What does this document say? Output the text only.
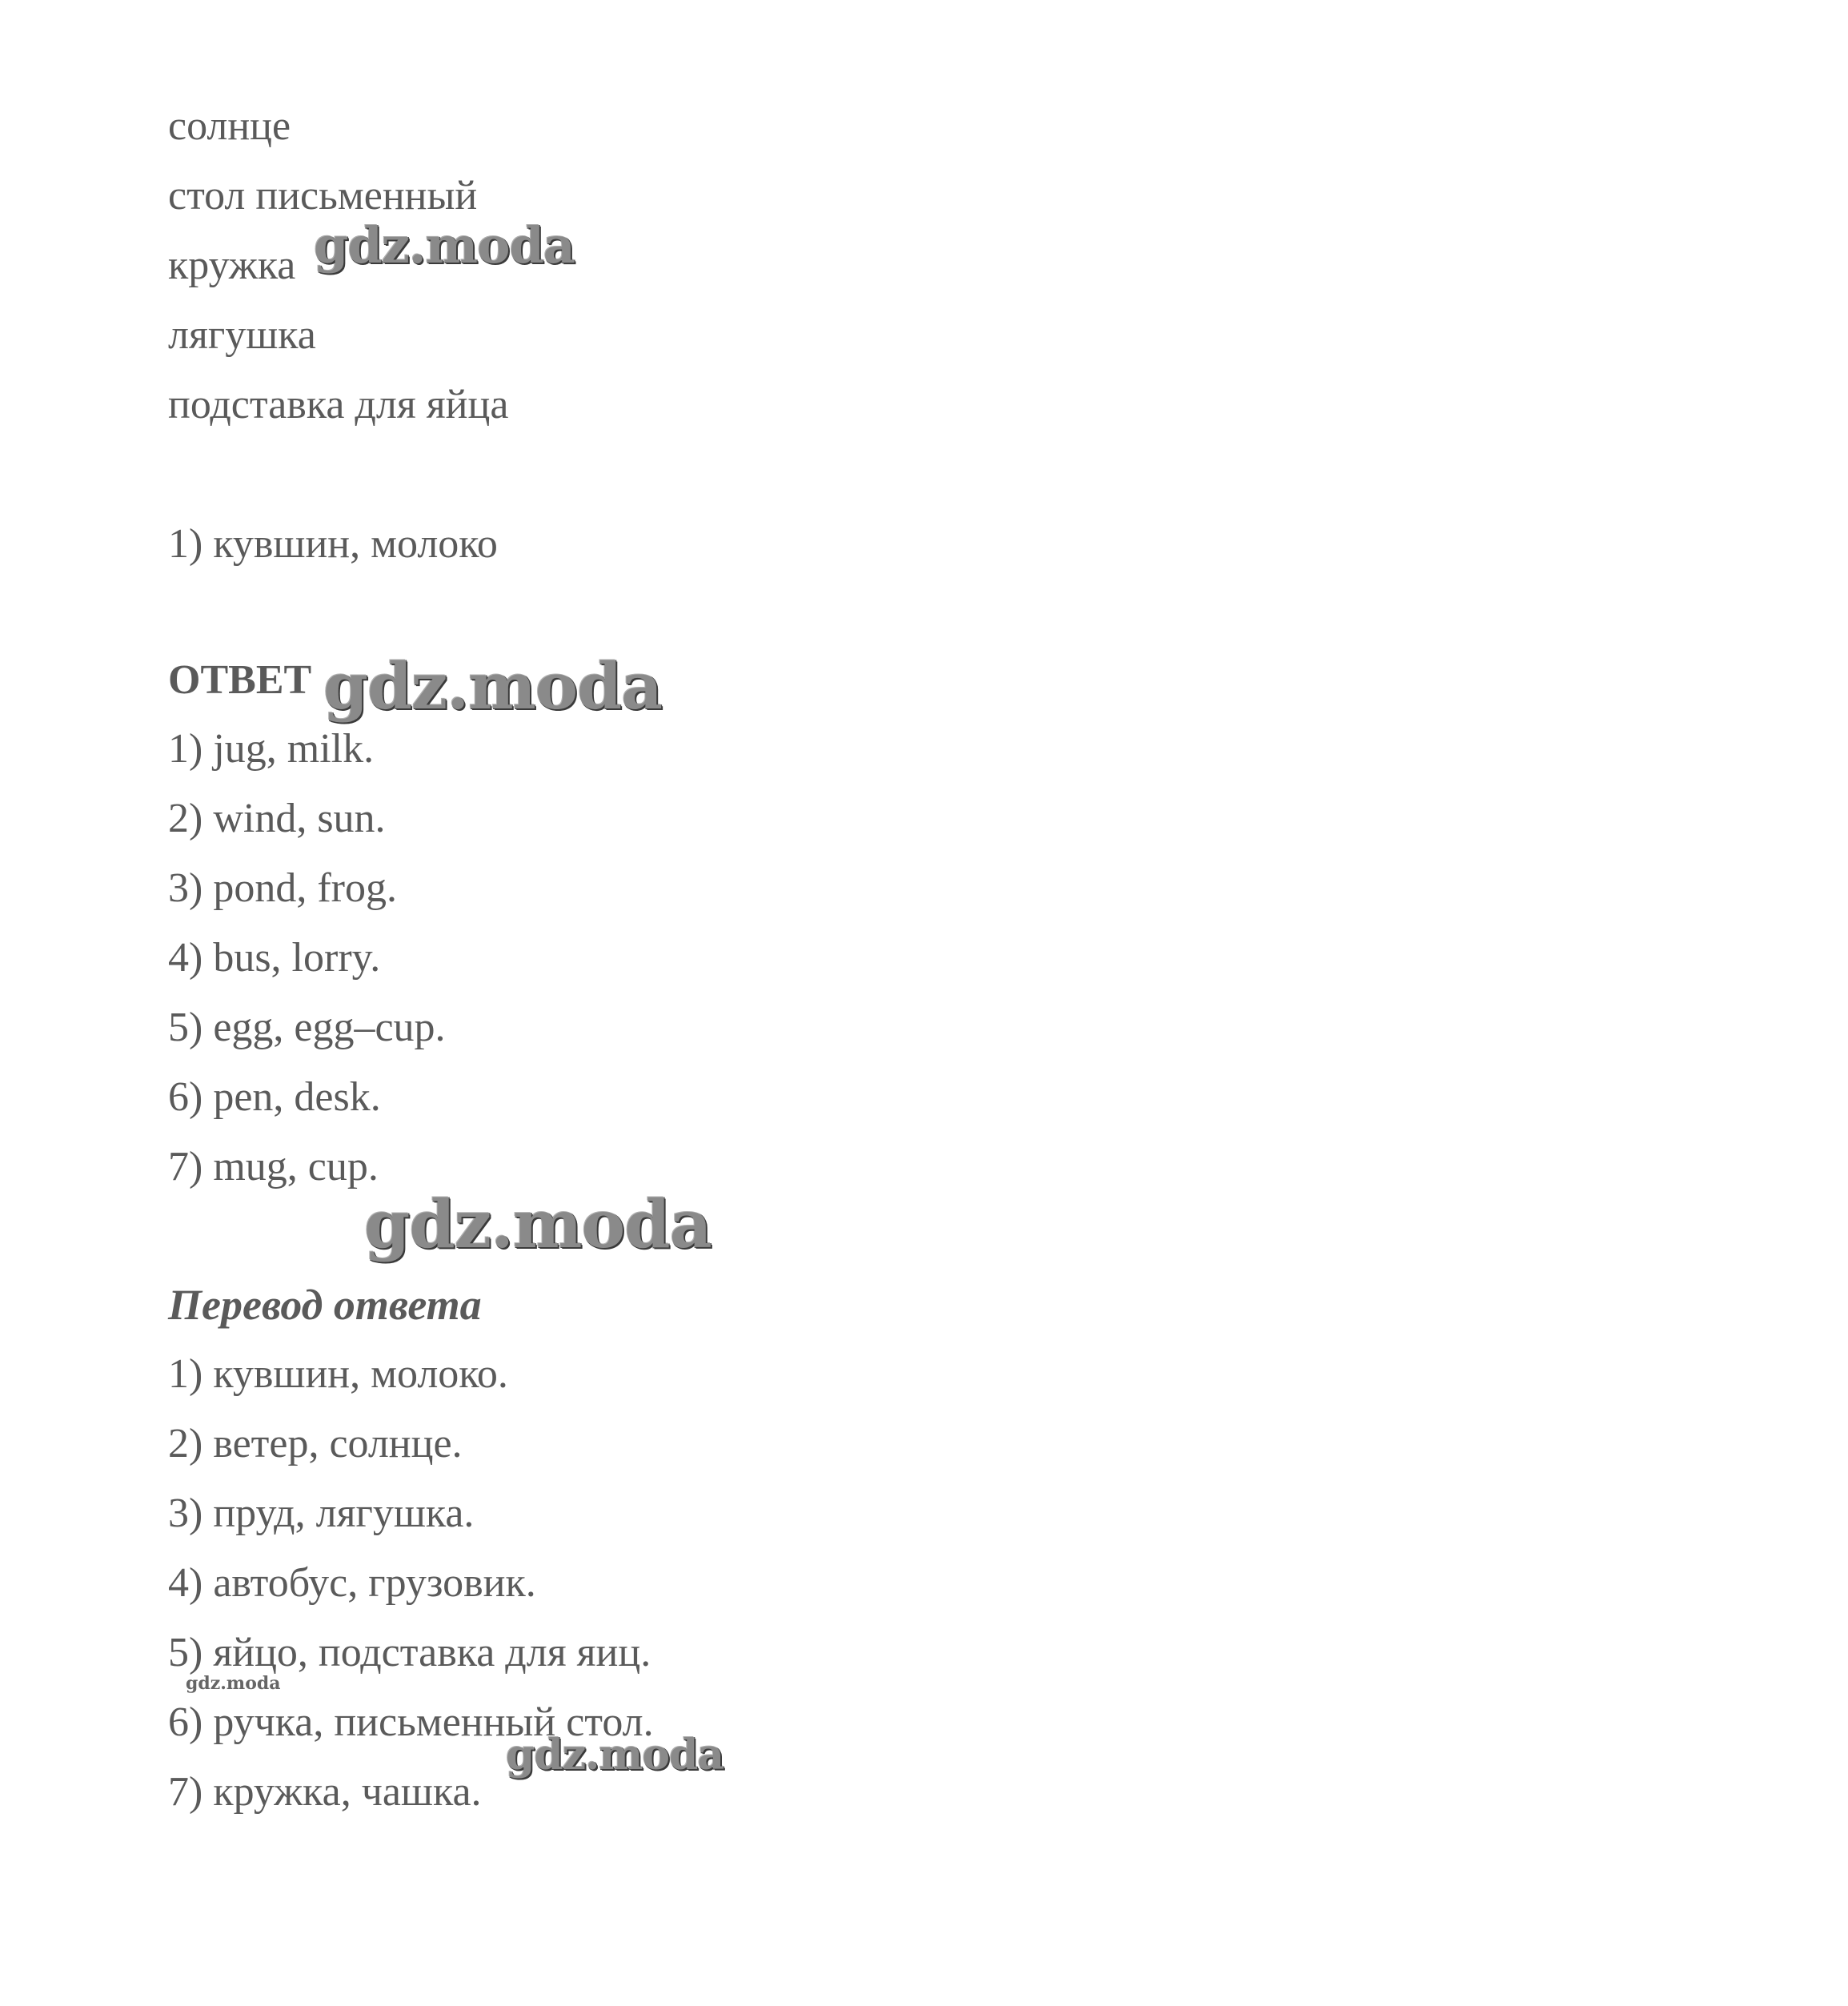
солнце
стол письменный
кружка
лягушка
подставка для яйца
1) кувшин, молоко
ОТВЕТ
1) jug, milk.
2) wind, sun.
3) pond, frog.
4) bus, lorry.
5) egg, egg–cup.
6) pen, desk.
7) mug, cup.
Перевод ответа
1) кувшин, молоко.
2) ветер, солнце.
3) пруд, лягушка.
4) автобус, грузовик.
5) яйцо, подставка для яиц.
6) ручка, письменный стол.
7) кружка, чашка.
gdz.moda
gdz.moda
gdz.moda
gdz.moda
gdz.moda
